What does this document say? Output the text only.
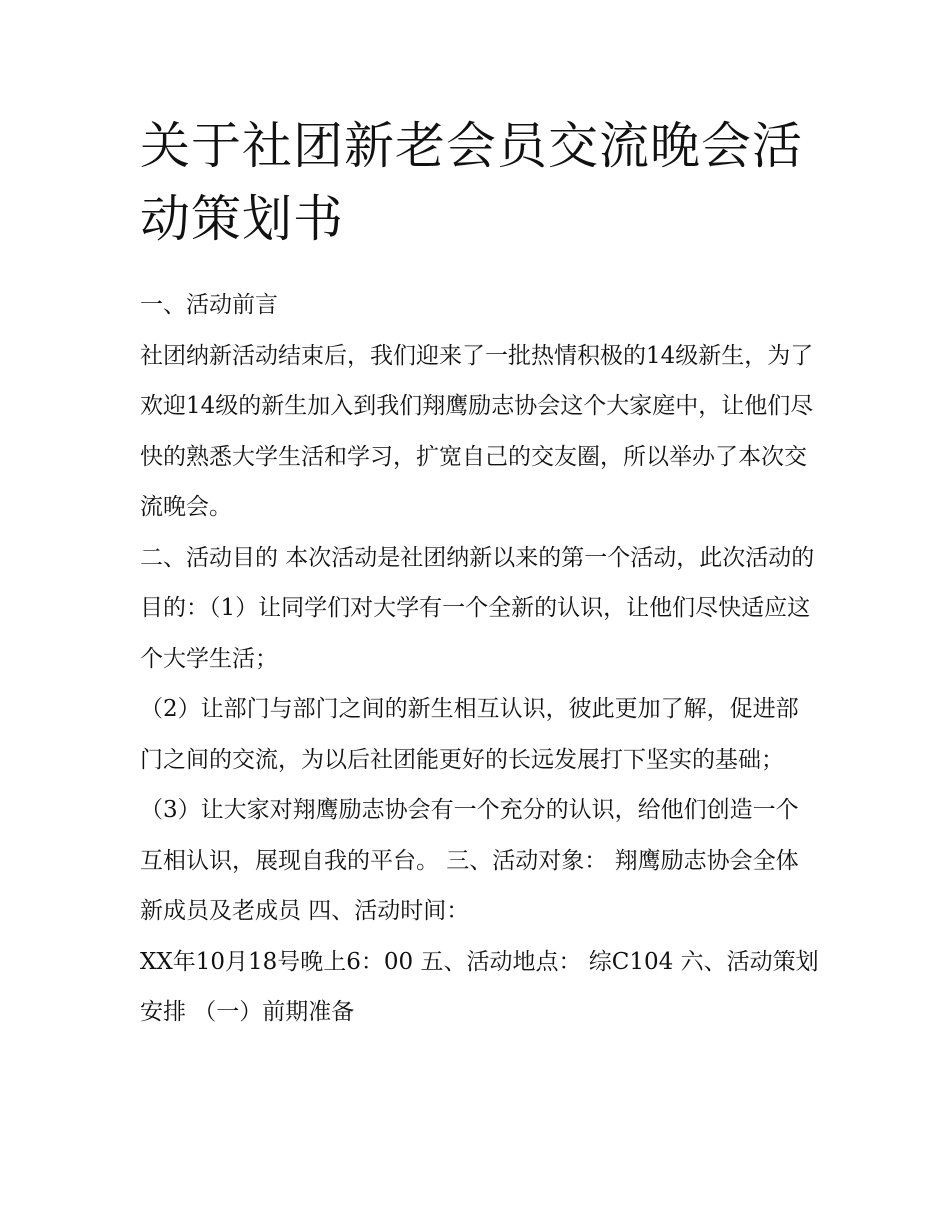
关于社团新老会员交流晚会活动策划书

一、活动前言

社团纳新活动结束后，我们迎来了一批热情积极的14级新生，为了欢迎14级的新生加入到我们翔鹰励志协会这个大家庭中，让他们尽快的熟悉大学生活和学习，扩宽自己的交友圈，所以举办了本次交流晚会。

二、活动目的 本次活动是社团纳新以来的第一个活动，此次活动的目的：（1）让同学们对大学有一个全新的认识，让他们尽快适应这个大学生活；

（2）让部门与部门之间的新生相互认识，彼此更加了解，促进部门之间的交流，为以后社团能更好的长远发展打下坚实的基础；

（3）让大家对翔鹰励志协会有一个充分的认识，给他们创造一个互相认识，展现自我的平台。 三、活动对象： 翔鹰励志协会全体新成员及老成员 四、活动时间：

XX年10月18号晚上6：00 五、活动地点： 综C104 六、活动策划安排 （一）前期准备
